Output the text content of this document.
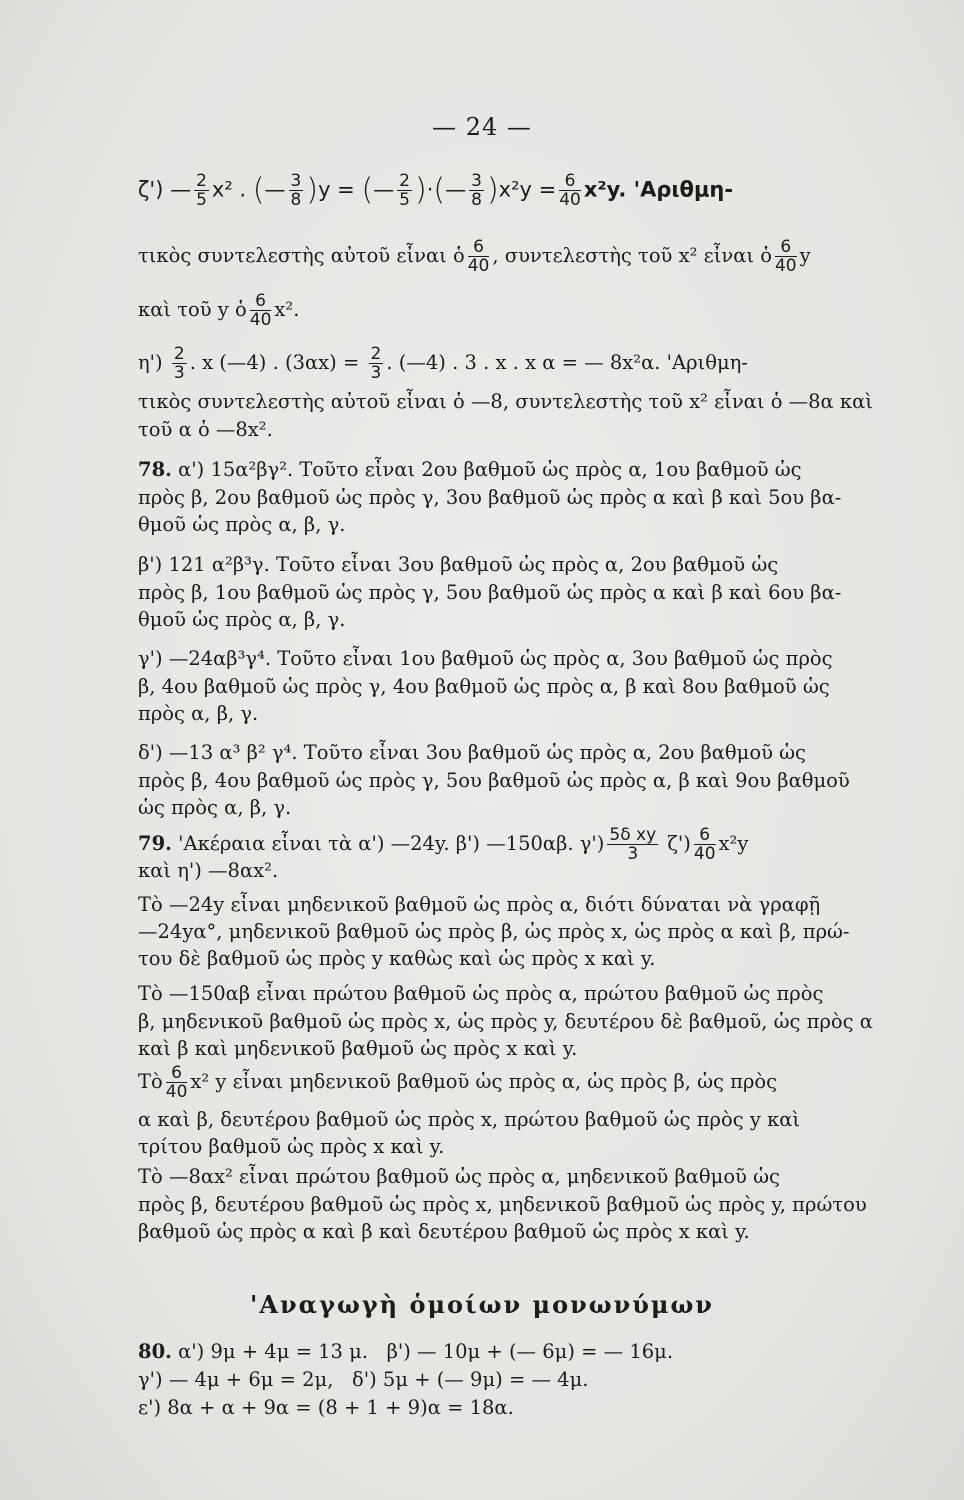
— 24 —
ζ') — $\frac{2}{5} x^2$ . (— $\frac{3}{8} )y$ = (— $\frac{2}{5}$ )·(— $\frac{3}{8} )x^2y = \frac{6}{40} x^2y$. 'Αριθμη-
τικὸς συντελεστὴς αὐτοῦ εἶναι ὁ $\frac{6}{40}$ , συντελεστὴς τοῦ x² εἶναι ὁ $\frac{6}{40}$ y
καὶ τοῦ y ὁ $\frac{6}{40} x^2$.
$\eta') \frac{2}{3}$ . x (—4) . $(3\alpha x) = \frac{2}{3}$ . (—4) . 3 . x . x α = — 8x²α. 'Αριθμη-
τικὸς συντελεστὴς αὐτοῦ εἶναι ὁ —8, συντελεστὴς τοῦ x² εἶναι ὁ —8α καὶ
τοῦ α ὁ —8x².
78. α') 15α²βγ². Τοῦτο εἶναι 2ου βαθμοῦ ὡς πρὸς α, 1ου βαθμοῦ ὡς
πρὸς β, 2ου βαθμοῦ ὡς πρὸς γ, 3ου βαθμοῦ ὡς πρὸς α καὶ β καὶ 5ου βα-
θμοῦ ὡς πρὸς α, β, γ.
β') 121 α²β³γ. Τοῦτο εἶναι 3ου βαθμοῦ ὡς πρὸς α, 2ου βαθμοῦ ὡς
πρὸς β, 1ου βαθμοῦ ὡς πρὸς γ, 5ου βαθμοῦ ὡς πρὸς α καὶ β καὶ 6ου βα-
θμοῦ ὡς πρὸς α, β, γ.
γ') —24αβ³γ⁴. Τοῦτο εἶναι 1ου βαθμοῦ ὡς πρὸς α, 3ου βαθμοῦ ὡς πρὸς
β, 4ου βαθμοῦ ὡς πρὸς γ, 4ου βαθμοῦ ὡς πρὸς α, β καὶ 8ου βαθμοῦ ὡς
πρὸς α, β, γ.
δ') —13 α³ β² γ⁴. Τοῦτο εἶναι 3ου βαθμοῦ ὡς πρὸς α, 2ου βαθμοῦ ὡς
πρὸς β, 4ου βαθμοῦ ὡς πρὸς γ, 5ου βαθμοῦ ὡς πρὸς α, β καὶ 9ου βαθμοῦ
ὡς πρὸς α, β, γ.
79. 'Ακέραια εἶναι τὰ α') —24y. β') —150αβ. $\gamma') \frac{\text{5δ xy}}{3} \zeta') \frac{6}{40} x^2y$
καὶ η') —8αx².
Τὸ —24y εἶναι μηδενικοῦ βαθμοῦ ὡς πρὸς α, διότι δύναται νὰ γραφῇ
—24yα°, μηδενικοῦ βαθμοῦ ὡς πρὸς β, ὡς πρὸς x, ὡς πρὸς α καὶ β, πρώ-
του δὲ βαθμοῦ ὡς πρὸς y καθὼς καὶ ὡς πρὸς x καὶ y.
Τὸ —150αβ εἶναι πρώτου βαθμοῦ ὡς πρὸς α, πρώτου βαθμοῦ ὡς πρὸς
β, μηδενικοῦ βαθμοῦ ὡς πρὸς x, ὡς πρὸς y, δευτέρου δὲ βαθμοῦ, ὡς πρὸς α
καὶ β καὶ μηδενικοῦ βαθμοῦ ὡς πρὸς x καὶ y.
Τὸ $\frac{6}{40} x^2$ y εἶναι μηδενικοῦ βαθμοῦ ὡς πρὸς α, ὡς πρὸς β, ὡς πρὸς
α καὶ β, δευτέρου βαθμοῦ ὡς πρὸς x, πρώτου βαθμοῦ ὡς πρὸς y καὶ
τρίτου βαθμοῦ ὡς πρὸς x καὶ y.
Τὸ —8αx² εἶναι πρώτου βαθμοῦ ὡς πρὸς α, μηδενικοῦ βαθμοῦ ὡς
πρὸς β, δευτέρου βαθμοῦ ὡς πρὸς x, μηδενικοῦ βαθμοῦ ὡς πρὸς y, πρώτου
βαθμοῦ ὡς πρὸς α καὶ β καὶ δευτέρου βαθμοῦ ὡς πρὸς x καὶ y.
'Αναγωγὴ ὁμοίων μονωνύμων
80. α') 9μ + 4μ = 13 μ.   β') — 10μ + (— 6μ) = — 16μ.
γ') — 4μ + 6μ = 2μ,   δ') 5μ + (— 9μ) = — 4μ.
ε') 8α + α + 9α = (8 + 1 + 9)α = 18α.
